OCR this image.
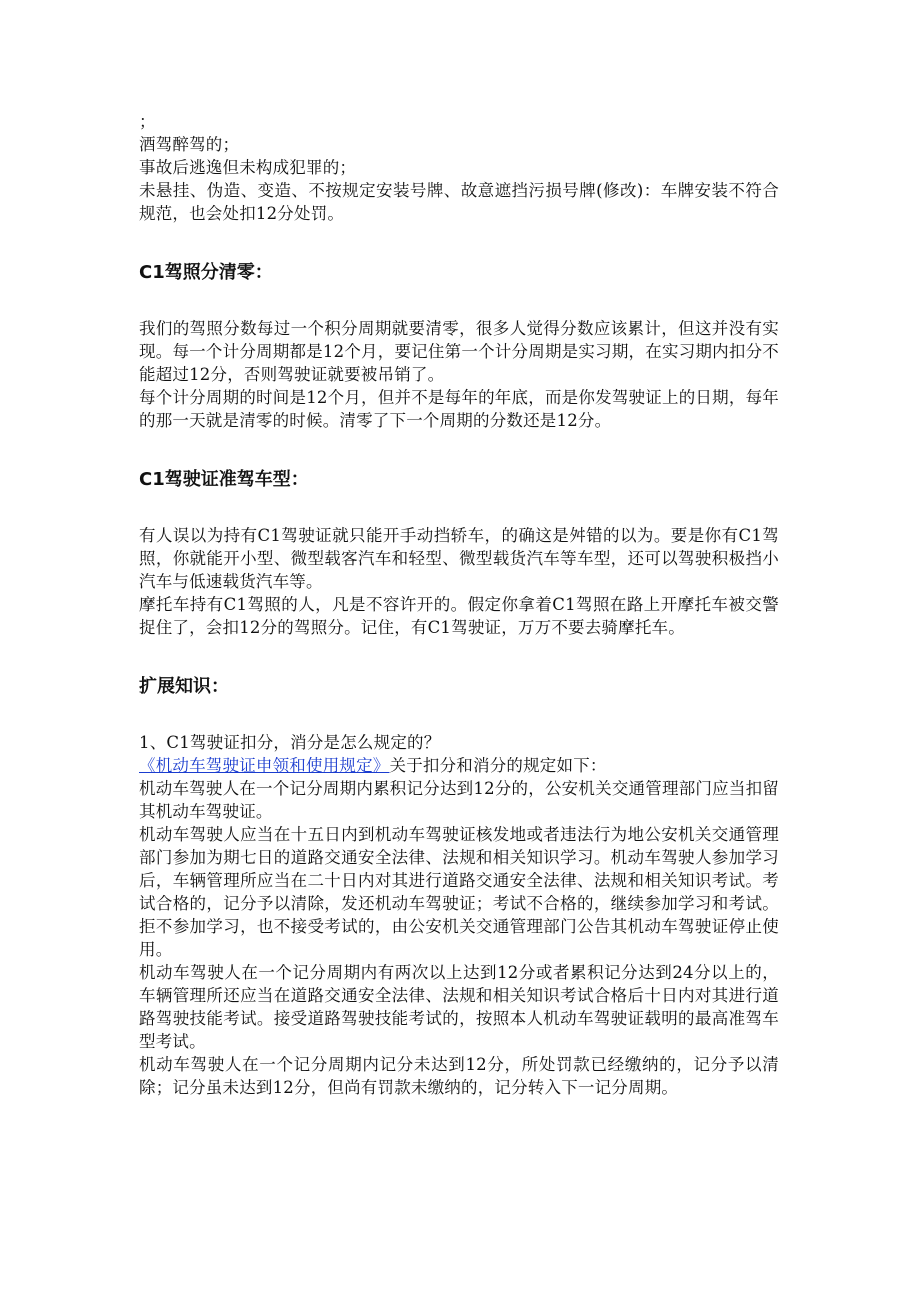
；

酒驾醉驾的；

事故后逃逸但未构成犯罪的；

未悬挂、伪造、变造、不按规定安装号牌、故意遮挡污损号牌(修改)：车牌安装不符合规范，也会处扣12分处罚。

C1驾照分清零：

我们的驾照分数每过一个积分周期就要清零，很多人觉得分数应该累计，但这并没有实现。每一个计分周期都是12个月，要记住第一个计分周期是实习期，在实习期内扣分不能超过12分，否则驾驶证就要被吊销了。

每个计分周期的时间是12个月，但并不是每年的年底，而是你发驾驶证上的日期，每年的那一天就是清零的时候。清零了下一个周期的分数还是12分。

C1驾驶证准驾车型：

有人误以为持有C1驾驶证就只能开手动挡轿车，的确这是舛错的以为。要是你有C1驾照，你就能开小型、微型载客汽车和轻型、微型载货汽车等车型，还可以驾驶积极挡小汽车与低速载货汽车等。

摩托车持有C1驾照的人，凡是不容许开的。假定你拿着C1驾照在路上开摩托车被交警捉住了，会扣12分的驾照分。记住，有C1驾驶证，万万不要去骑摩托车。

扩展知识：

1、C1驾驶证扣分，消分是怎么规定的？

《机动车驾驶证申领和使用规定》关于扣分和消分的规定如下：

机动车驾驶人在一个记分周期内累积记分达到12分的，公安机关交通管理部门应当扣留其机动车驾驶证。

机动车驾驶人应当在十五日内到机动车驾驶证核发地或者违法行为地公安机关交通管理部门参加为期七日的道路交通安全法律、法规和相关知识学习。机动车驾驶人参加学习后，车辆管理所应当在二十日内对其进行道路交通安全法律、法规和相关知识考试。考试合格的，记分予以清除，发还机动车驾驶证；考试不合格的，继续参加学习和考试。拒不参加学习，也不接受考试的，由公安机关交通管理部门公告其机动车驾驶证停止使用。

机动车驾驶人在一个记分周期内有两次以上达到12分或者累积记分达到24分以上的，车辆管理所还应当在道路交通安全法律、法规和相关知识考试合格后十日内对其进行道路驾驶技能考试。接受道路驾驶技能考试的，按照本人机动车驾驶证载明的最高准驾车型考试。

机动车驾驶人在一个记分周期内记分未达到12分，所处罚款已经缴纳的，记分予以清除；记分虽未达到12分，但尚有罚款未缴纳的，记分转入下一记分周期。
